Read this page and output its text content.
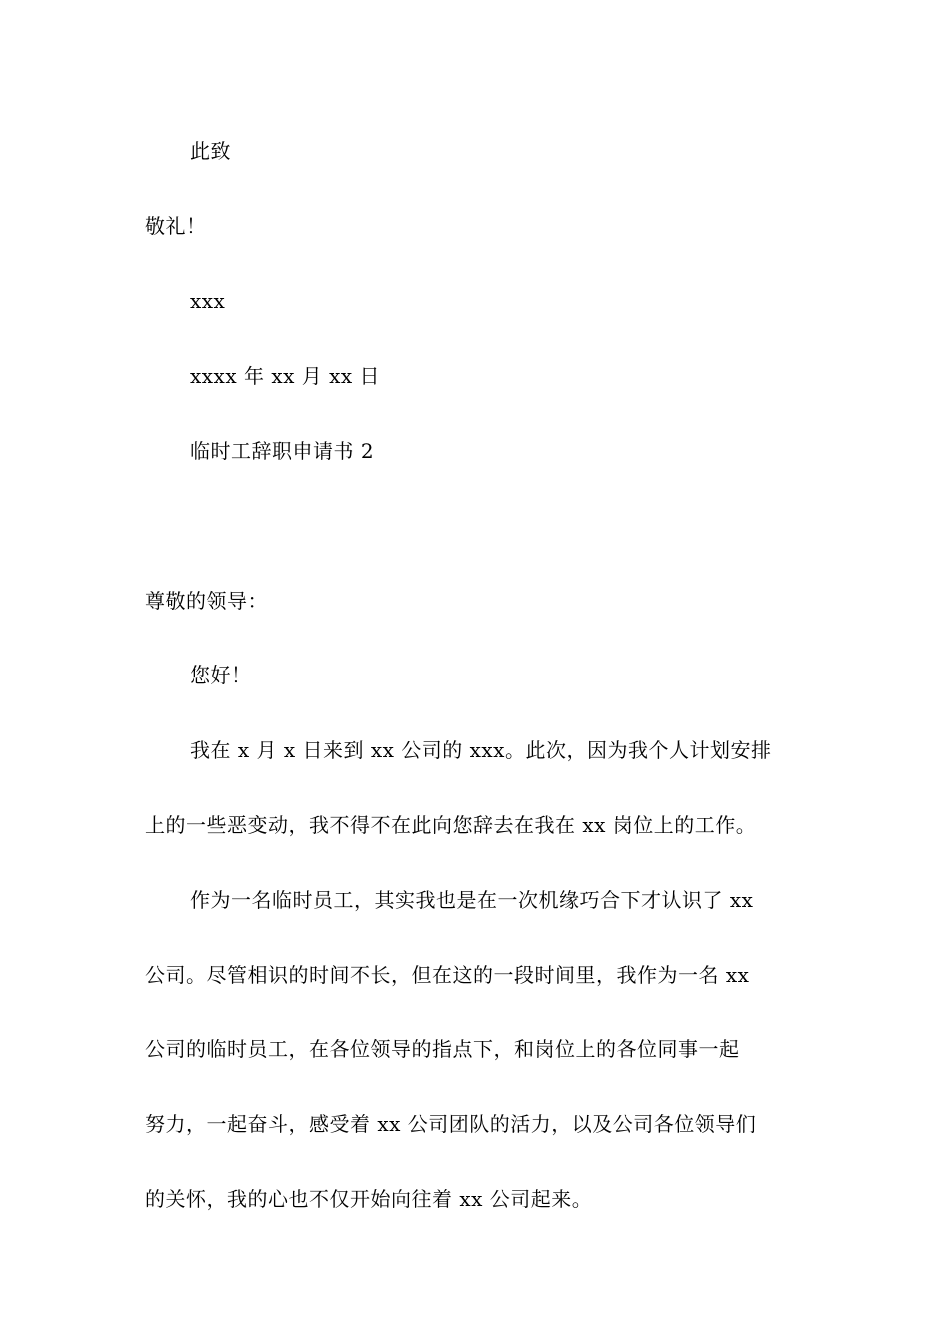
此致
敬礼！
xxx
xxxx 年 xx 月 xx 日
临时工辞职申请书 2
尊敬的领导：
您好！
我在 x 月 x 日来到 xx 公司的 xxx。此次，因为我个人计划安排
上的一些恶变动，我不得不在此向您辞去在我在 xx 岗位上的工作。
作为一名临时员工，其实我也是在一次机缘巧合下才认识了 xx
公司。尽管相识的时间不长，但在这的一段时间里，我作为一名 xx
公司的临时员工，在各位领导的指点下，和岗位上的各位同事一起
努力，一起奋斗，感受着 xx 公司团队的活力，以及公司各位领导们
的关怀，我的心也不仅开始向往着 xx 公司起来。
